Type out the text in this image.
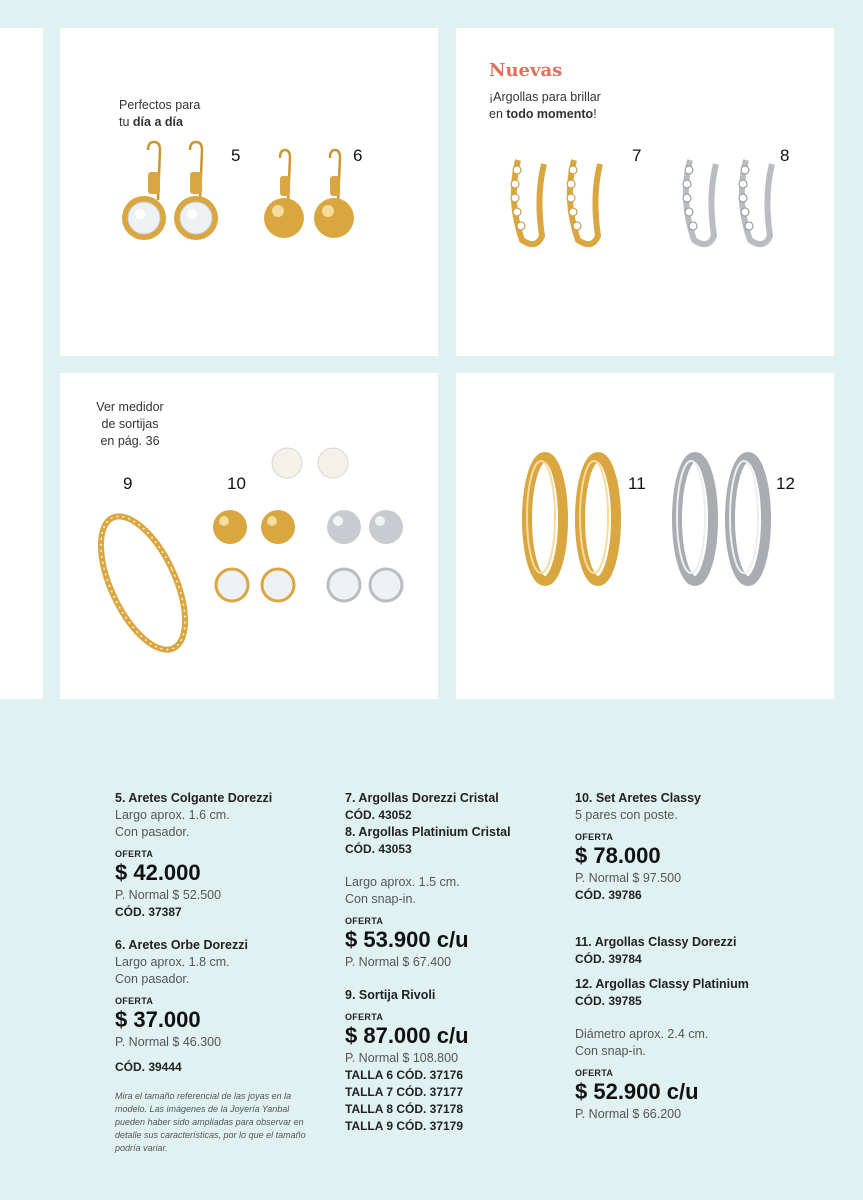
Perfectos para
tu día a día
5	6
Nuevas
¡Argollas para brillar
en todo momento!
7	8
Ver medidor
de sortijas
en pág. 36
9	10	11	12
5. Aretes Colgante Dorezzi
Largo aprox. 1.6 cm.
Con pasador.
OFERTA
$ 42.000
P. Normal $ 52.500
CÓD. 37387
6. Aretes Orbe Dorezzi
Largo aprox. 1.8 cm.
Con pasador.
OFERTA
$ 37.000
P. Normal $ 46.300
CÓD. 39444
Mira el tamaño referencial de las joyas en la modelo. Las imágenes de la Joyería Yanbal pueden haber sido ampliadas para observar en detalle sus características, por lo que el tamaño podría variar.
7. Argollas Dorezzi Cristal
CÓD. 43052
8. Argollas Platinium Cristal
CÓD. 43053
Largo aprox. 1.5 cm.
Con snap-in.
OFERTA
$ 53.900 c/u
P. Normal $ 67.400
9. Sortija Rivoli
OFERTA
$ 87.000 c/u
P. Normal $ 108.800
TALLA 6 CÓD. 37176
TALLA 7 CÓD. 37177
TALLA 8 CÓD. 37178
TALLA 9 CÓD. 37179
10. Set Aretes Classy
5 pares con poste.
OFERTA
$ 78.000
P. Normal $ 97.500
CÓD. 39786
11. Argollas Classy Dorezzi
CÓD. 39784
12. Argollas Classy Platinium
CÓD. 39785
Diámetro aprox. 2.4 cm.
Con snap-in.
OFERTA
$ 52.900 c/u
P. Normal $ 66.200
